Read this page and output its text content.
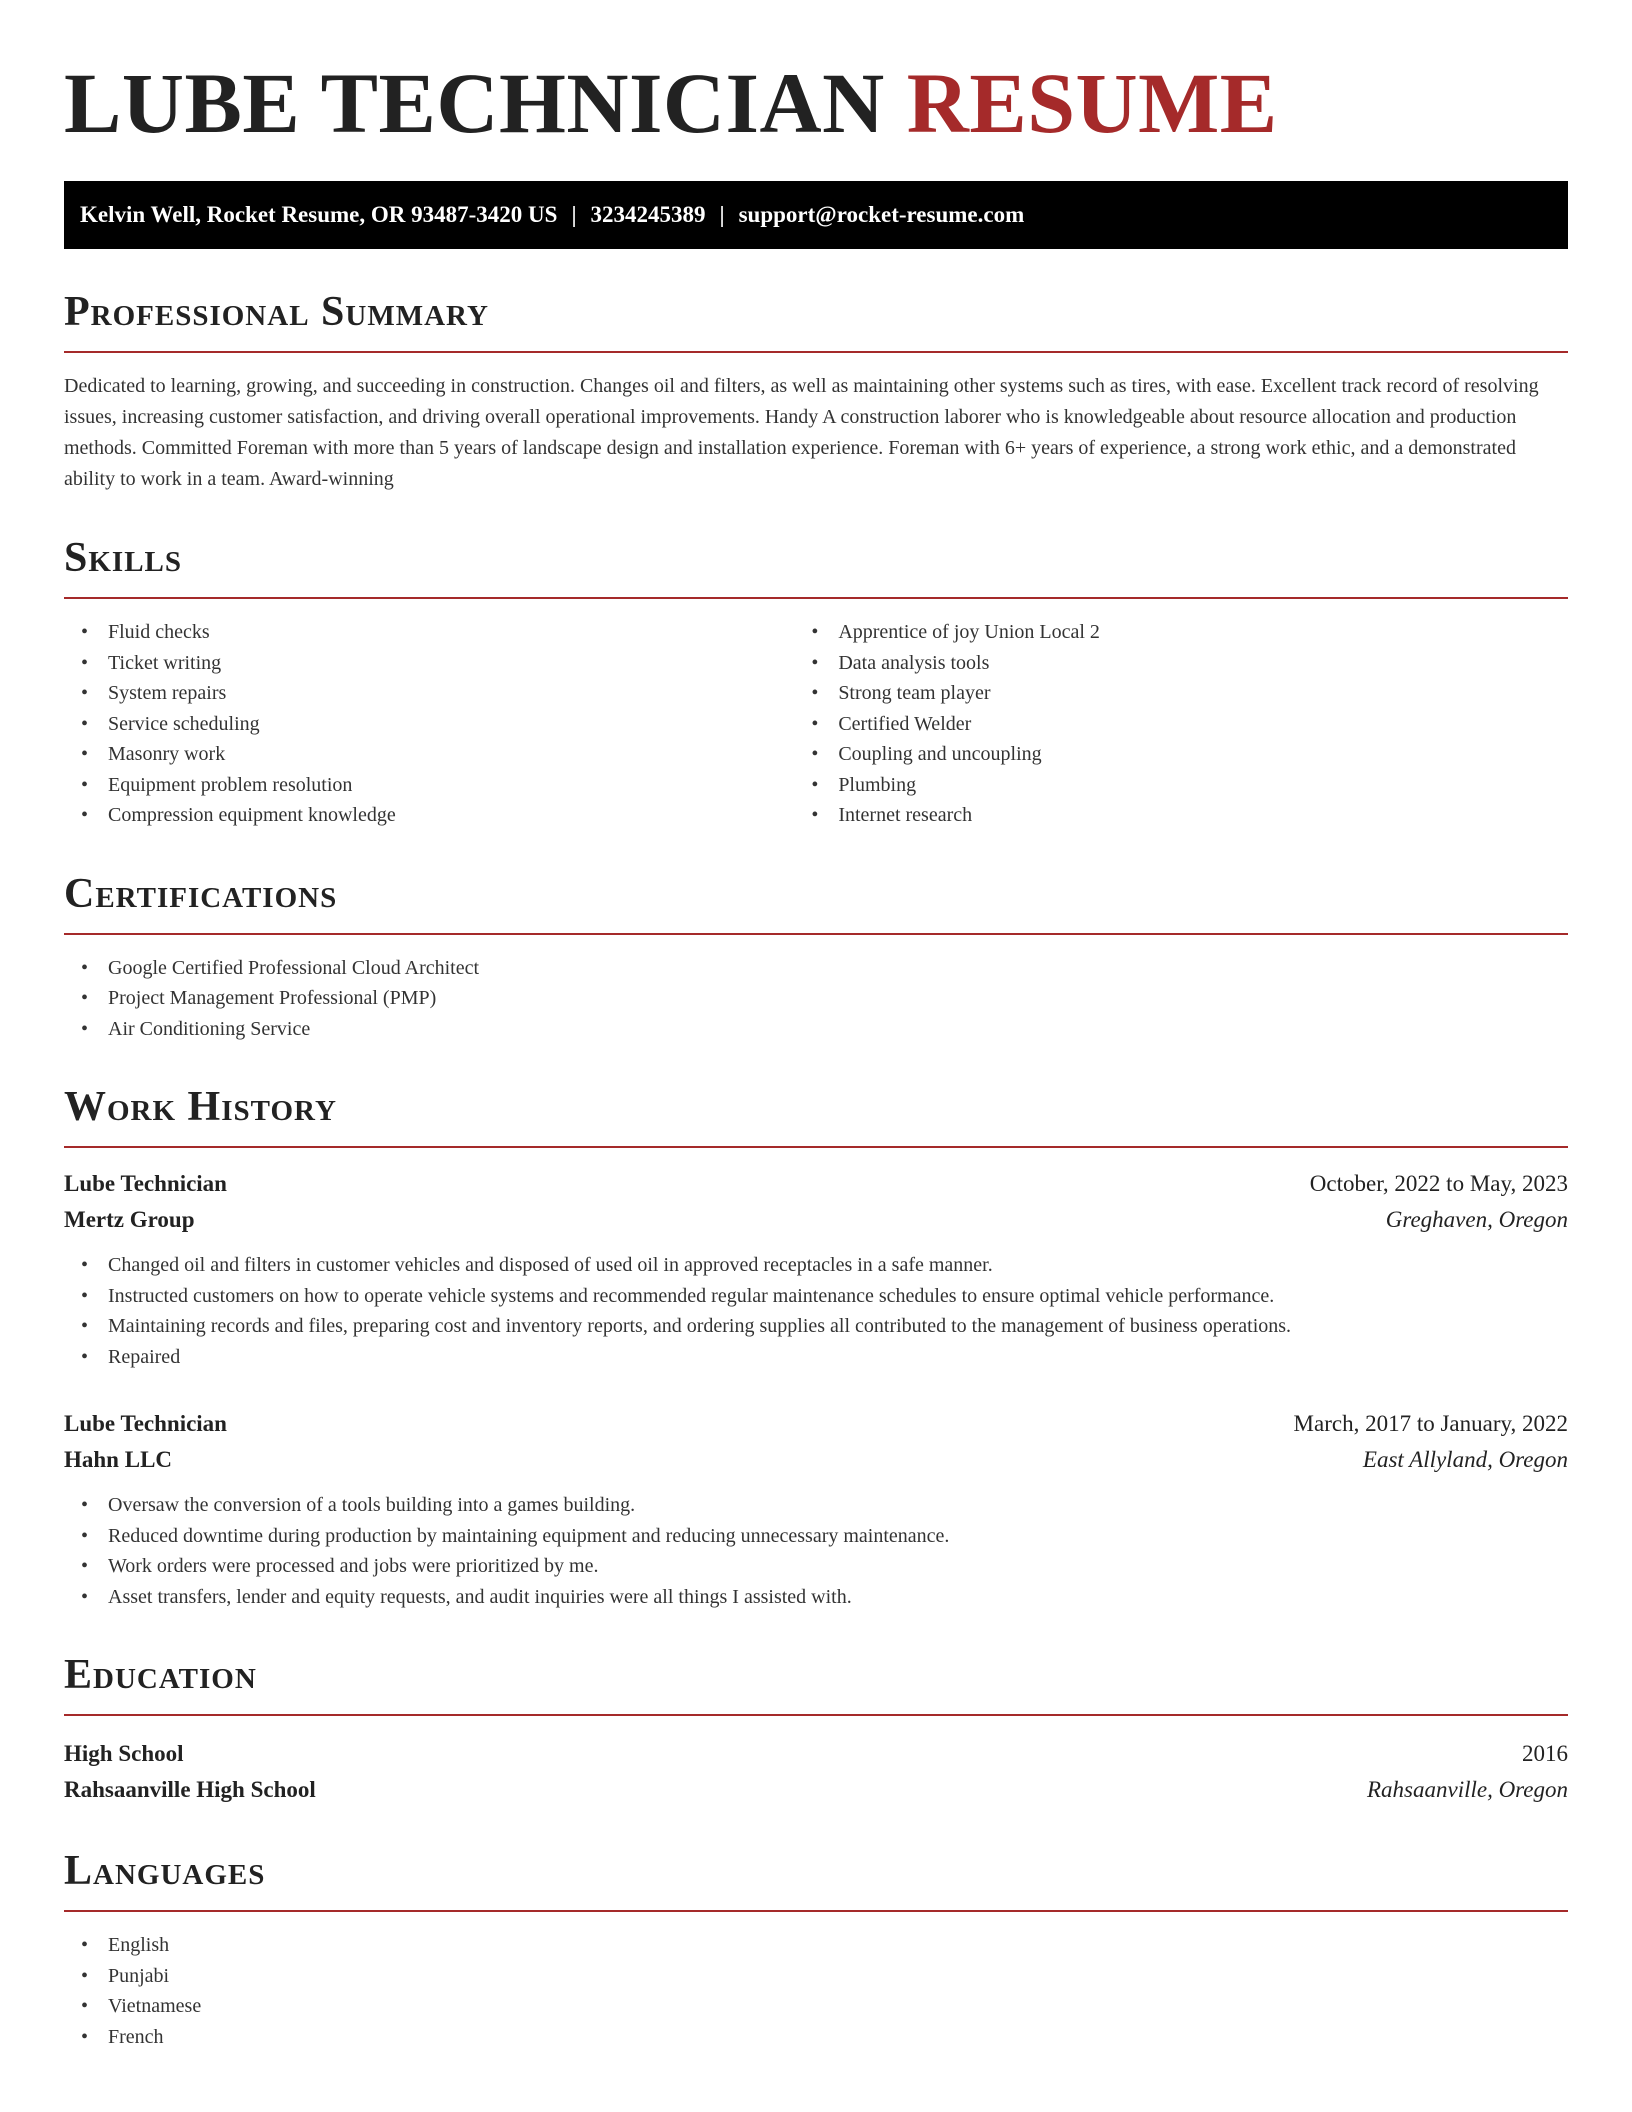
LUBE TECHNICIAN RESUME
Kelvin Well, Rocket Resume, OR 93487-3420 US | 3234245389 | support@rocket-resume.com
Professional Summary

Dedicated to learning, growing, and succeeding in construction. Changes oil and filters, as well as maintaining other systems such as tires, with ease. Excellent track record of resolving issues, increasing customer satisfaction, and driving overall operational improvements. Handy A construction laborer who is knowledgeable about resource allocation and production methods. Committed Foreman with more than 5 years of landscape design and installation experience. Foreman with 6+ years of experience, a strong work ethic, and a demonstrated ability to work in a team. Award-winning

Skills
• Fluid checks
• Ticket writing
• System repairs
• Service scheduling
• Masonry work
• Equipment problem resolution
• Compression equipment knowledge
• Apprentice of joy Union Local 2
• Data analysis tools
• Strong team player
• Certified Welder
• Coupling and uncoupling
• Plumbing
• Internet research
Certifications
• Google Certified Professional Cloud Architect
• Project Management Professional (PMP)
• Air Conditioning Service
Work History
Lube Technician	October, 2022 to May, 2023
Mertz Group	Greghaven, Oregon
• Changed oil and filters in customer vehicles and disposed of used oil in approved receptacles in a safe manner.
• Instructed customers on how to operate vehicle systems and recommended regular maintenance schedules to ensure optimal vehicle performance.
• Maintaining records and files, preparing cost and inventory reports, and ordering supplies all contributed to the management of business operations.
• Repaired
Lube Technician	March, 2017 to January, 2022
Hahn LLC	East Allyland, Oregon
• Oversaw the conversion of a tools building into a games building.
• Reduced downtime during production by maintaining equipment and reducing unnecessary maintenance.
• Work orders were processed and jobs were prioritized by me.
• Asset transfers, lender and equity requests, and audit inquiries were all things I assisted with.
Education
High School	2016
Rahsaanville High School	Rahsaanville, Oregon
Languages
• English
• Punjabi
• Vietnamese
• French
